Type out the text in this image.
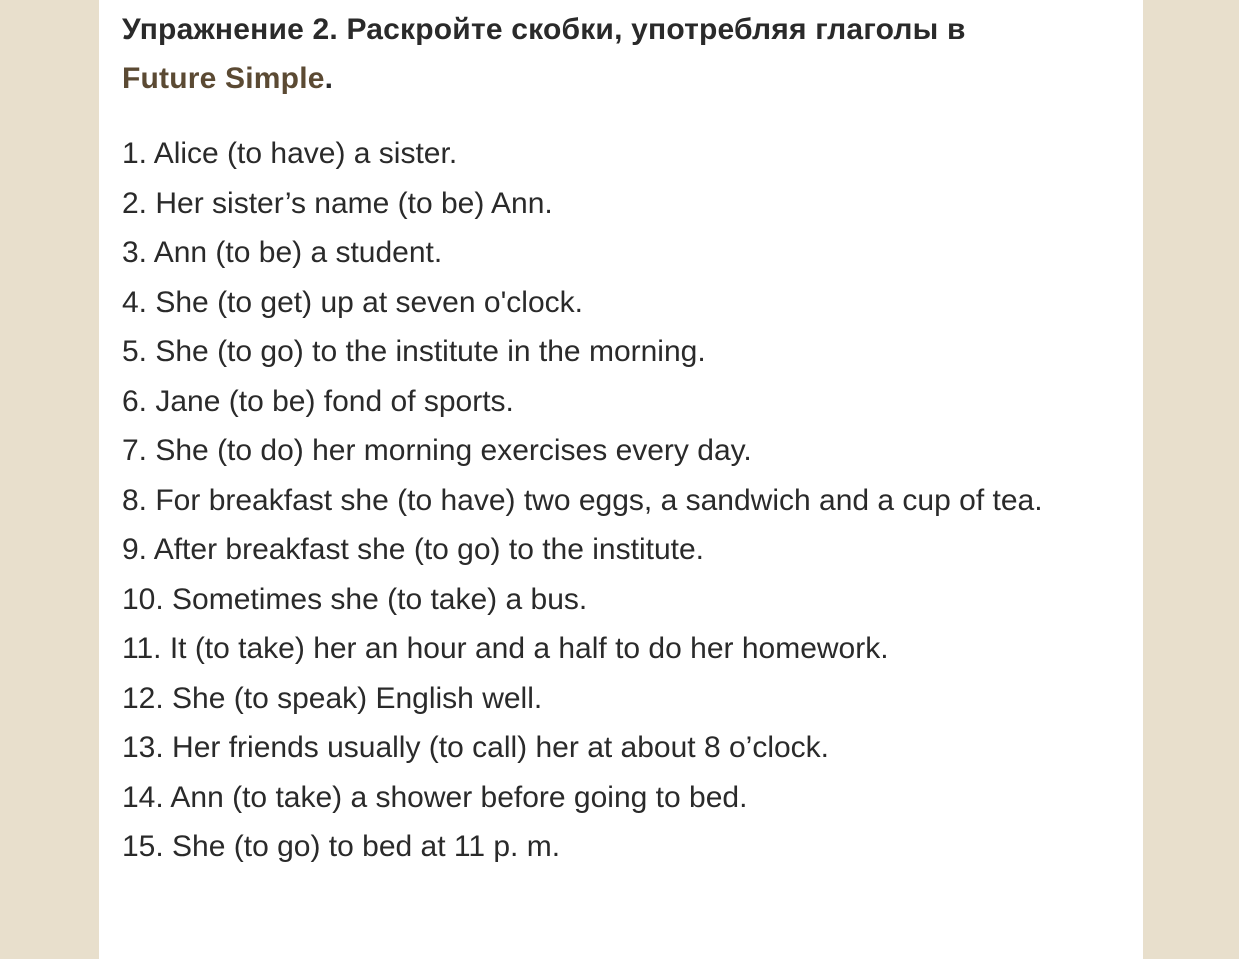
Упражнение 2. Раскройте скобки, употребляя глаголы в
Future Simple.

1. Alice (to have) a sister.
2. Her sister’s name (to be) Ann.
3. Ann (to be) a student.
4. She (to get) up at seven o'clock.
5. She (to go) to the institute in the morning.
6. Jane (to be) fond of sports.
7. She (to do) her morning exercises every day.
8. For breakfast she (to have) two eggs, a sandwich and a cup of tea.
9. After breakfast she (to go) to the institute.
10. Sometimes she (to take) a bus.
11. It (to take) her an hour and a half to do her homework.
12. She (to speak) English well.
13. Her friends usually (to call) her at about 8 o’clock.
14. Ann (to take) a shower before going to bed.
15. She (to go) to bed at 11 p. m.
